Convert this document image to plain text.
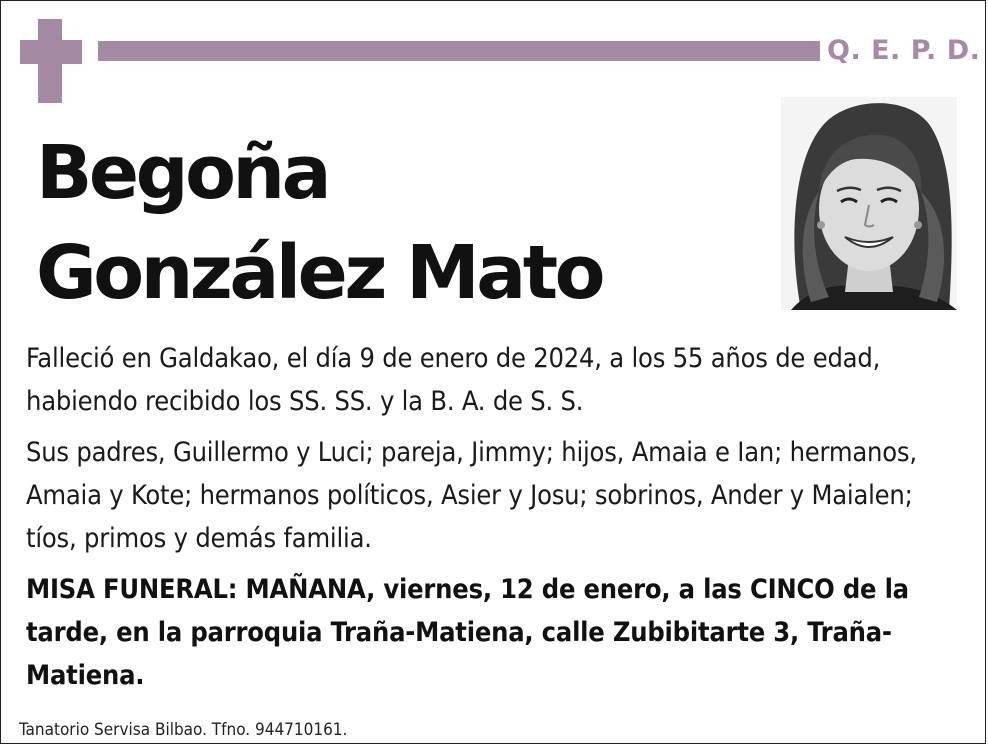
Q. E. P. D.
Begoña
González Mato

Falleció en Galdakao, el día 9 de enero de 2024, a los 55 años de edad, habiendo recibido los SS. SS. y la B. A. de S. S.

Sus padres, Guillermo y Luci; pareja, Jimmy; hijos, Amaia e Ian; hermanos, Amaia y Kote; hermanos políticos, Asier y Josu; sobrinos, Ander y Maialen; tíos, primos y demás familia.

MISA FUNERAL: MAÑANA, viernes, 12 de enero, a las CINCO de la tarde, en la parroquia Traña-Matiena, calle Zubibitarte 3, Traña-Matiena.

Tanatorio Servisa Bilbao. Tfno. 944710161.
